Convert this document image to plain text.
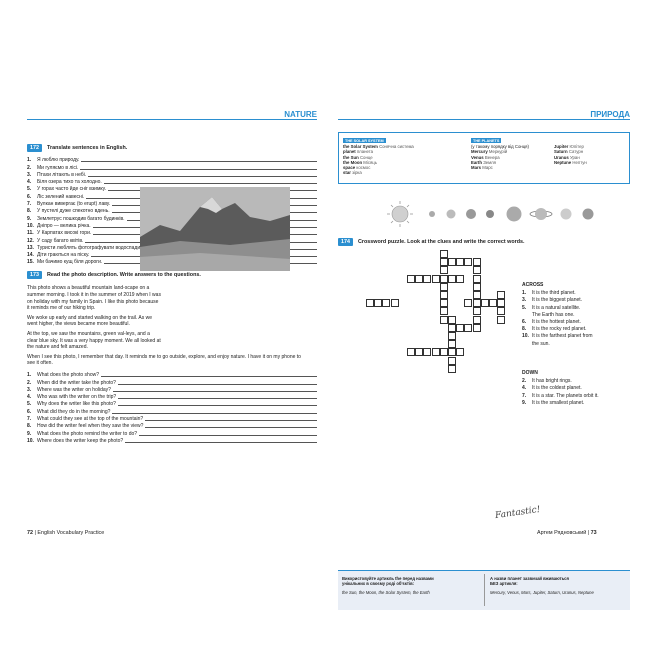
NATURE
172	Translate sentences in English.
1.	Я люблю природу.
2.	Ми гуляємо в лісі.
3.	Птахи літають в небі.
4.	Біля озера тихо та холодно.
5.	У горах часто йде сніг взимку.
6.	Ліс зелений навесні.
7.	Вулкан вивергає (to erupt) лаву.
8.	У пустелі дуже спекотно вдень.
9.	Землетрус пошкодив багато будинків.
10. Дніпро — велика річка.
11. У Карпатах високі гори.
12. У саду багато квітів.
13. Туристи люблять фотографувати водоспади
14. Діти граються на піску.
15. Ми бачимо кущ біля дороги.
173	Read the photo description. Write answers to the questions.

This photo shows a beautiful mountain land-scape on a summer morning. I took it in the summer of 2019 when I was on holiday with my family in Spain. I like this photo because it reminds me of our hiking trip.

We woke up early and started walking on the trail. As we went higher, the views became more beautiful.

At the top, we saw the mountains, green val-leys, and a clear blue sky. It was a very happy moment. We all looked at the nature and felt amazed.

When I see this photo, I remember that day. It reminds me to go outside, explore, and enjoy nature. I have it on my phone to see it often.

1.	What does the photo show?
2.	When did the writer take the photo?
3.	Where was the writer on holiday?
4.	Who was with the writer on the trip?
5.	Why does the writer like this photo?
6.	What did they do in the morning?
7.	What could they see at the top of the mountain?
8.	How did the writer feel when they saw the view?
9.	What does the photo remind the writer to do?
10. Where does the writer keep the photo?
72 | English Vocabulary Practice
ПРИРОДА
THE SOLAR SYSTEM	THE PLANETS
the Solar System Сонячна система
planet планета
the Sun Сонце
the Moon Місяць
space космос
star зірка
(у такому порядку від Сонця)
Mercury Меркурій
Venus Венера
Earth Земля
Mars Марс
Jupiter Юпітер
Saturn Сатурн
Uranus Уран
Neptune Нептун
174	Crossword puzzle. Look at the clues and write the correct words.
ACROSS
1.	It is the third planet.
3.	It is the biggest planet.
5.	It is a natural satellite.
The Earth has one.
6.	It is the hottest planet.
8.	It is the rocky red planet.
10. It is the farthest planet from
the sun.
DOWN
2.	It has bright rings.
4.	It is the coldest planet.
7.	It is a star. The planets orbit it.
9.	It is the smallest planet.
Використовуйте артикль the перед назвами
унікальних в своєму роді об'єктів:
the Sun, the Moon, the Solar System, the Earth
А назви планет зазвичай вживаються
БЕЗ артикля:
Mercury, Venus, Mars, Jupiter, Saturn, Uranus, Neptune
Fantastic!
Артем Рядновський | 73
